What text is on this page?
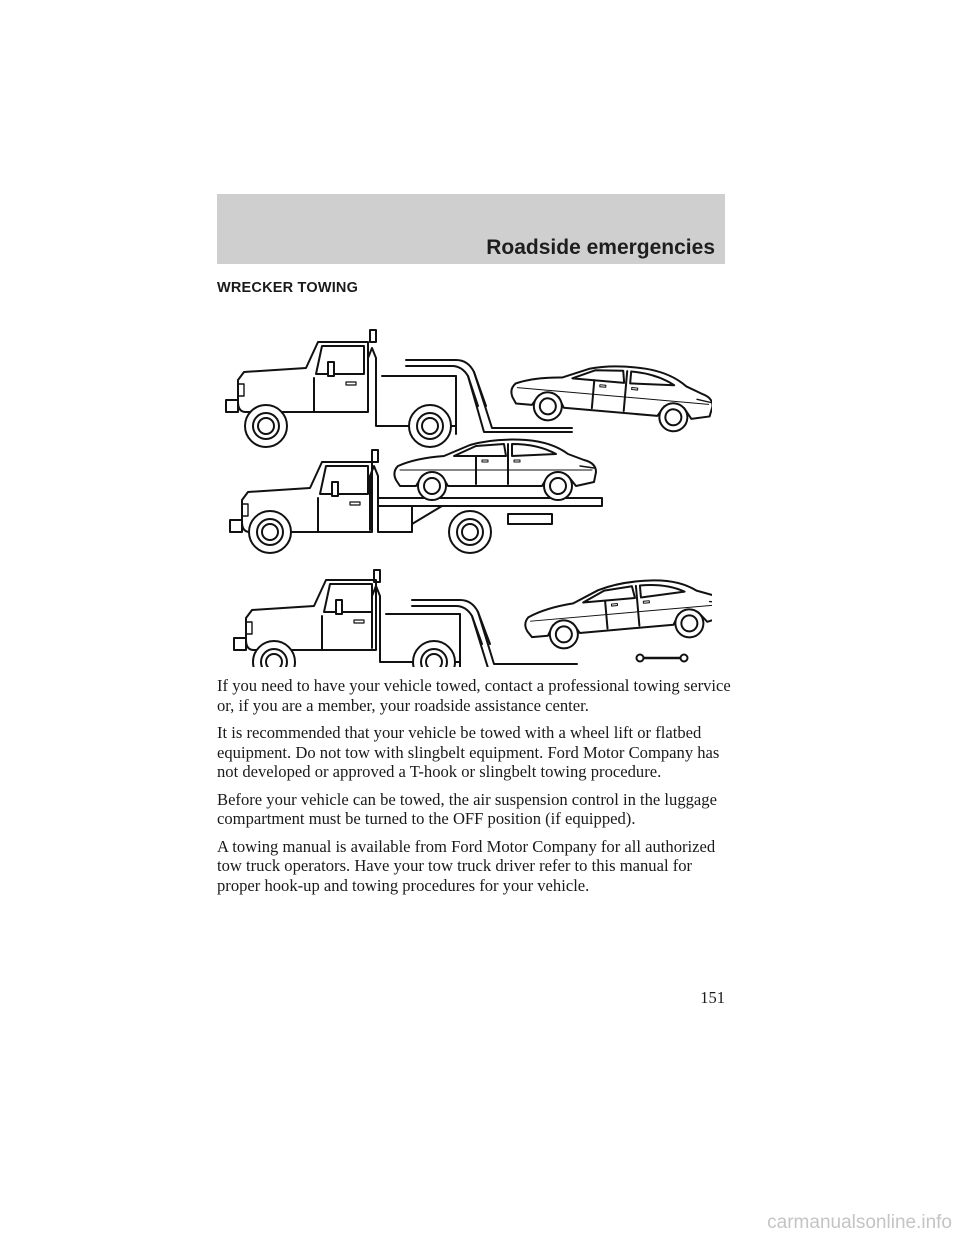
Roadside emergencies
WRECKER TOWING

If you need to have your vehicle towed, contact a professional towing service or, if you are a member, your roadside assistance center.

It is recommended that your vehicle be towed with a wheel lift or flatbed equipment. Do not tow with slingbelt equipment. Ford Motor Company has not developed or approved a T-hook or slingbelt towing procedure.

Before your vehicle can be towed, the air suspension control in the luggage compartment must be turned to the OFF position (if equipped).

A towing manual is available from Ford Motor Company for all authorized tow truck operators. Have your tow truck driver refer to this manual for proper hook-up and towing procedures for your vehicle.

151
carmanualsonline.info
